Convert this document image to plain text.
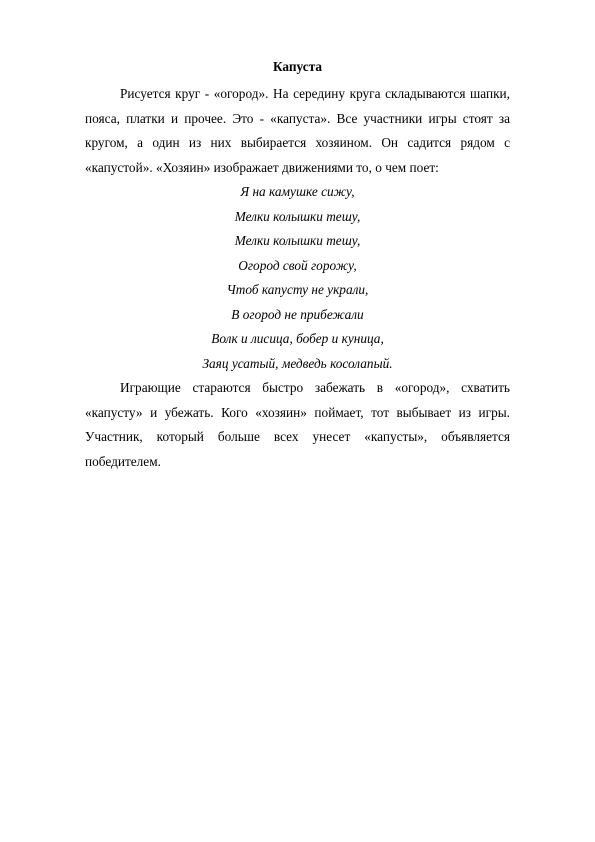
Капуста

Рисуется круг - «огород». На середину круга складываются шапки, пояса, платки и прочее. Это - «капуста». Все участники игры стоят за кругом, а один из них выбирается хозяином. Он садится рядом с «капустой». «Хозяин» изображает движениями то, о чем поет:

Я на камушке сижу,
Мелки колышки тешу,
Мелки колышки тешу,
Огород свой горожу,
Чтоб капусту не украли,
В огород не прибежали
Волк и лисица, бобер и куница,
Заяц усатый, медведь косолапый.

Играющие стараются быстро забежать в «огород», схватить «капусту» и убежать. Кого «хозяин» поймает, тот выбывает из игры. Участник, который больше всех унесет «капусты», объявляется победителем.
